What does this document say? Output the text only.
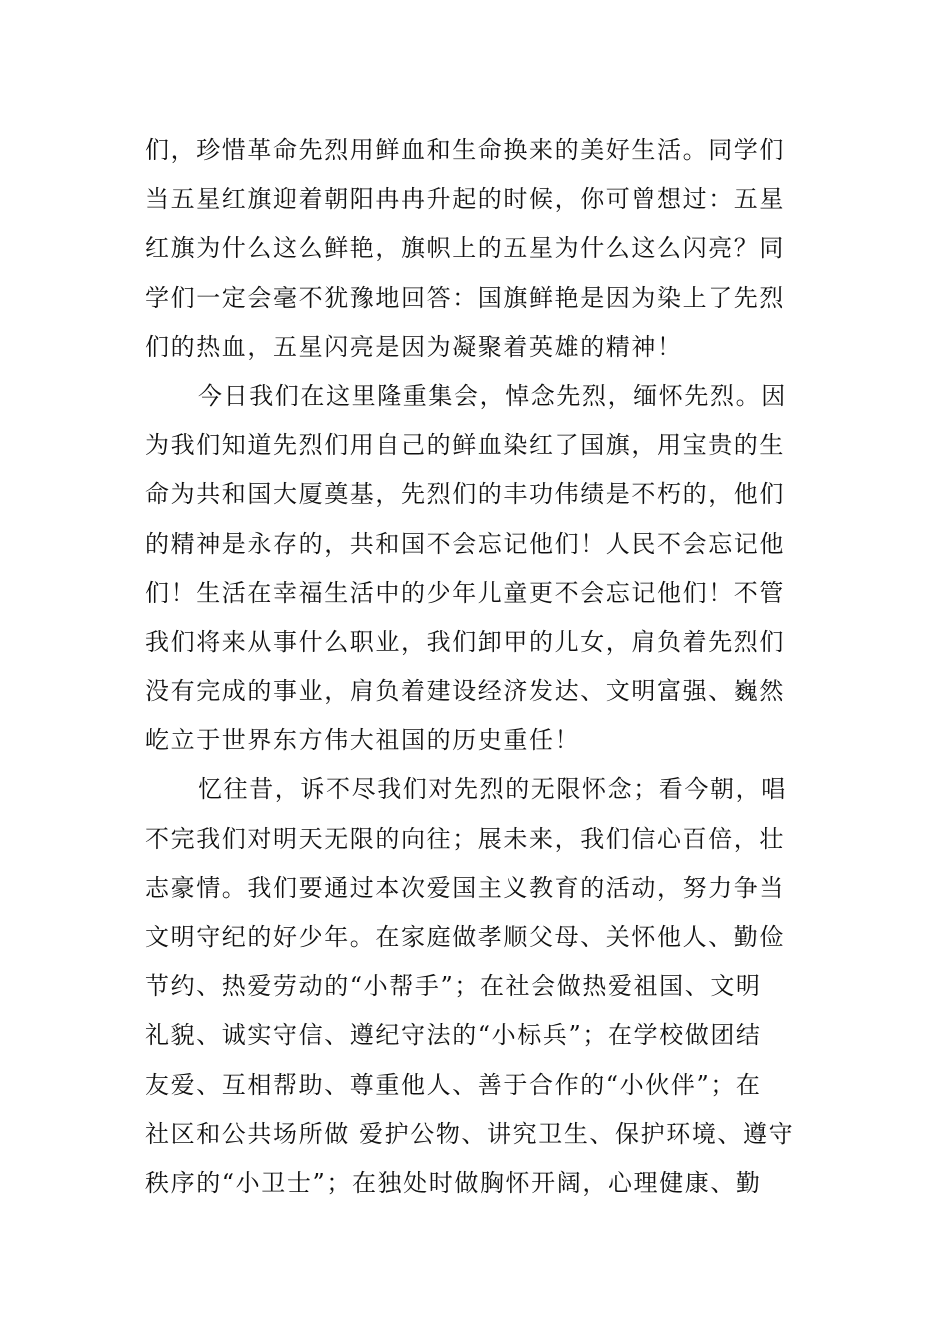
们，珍惜革命先烈用鲜血和生命换来的美好生活。同学们
当五星红旗迎着朝阳冉冉升起的时候，你可曾想过：五星
红旗为什么这么鲜艳，旗帜上的五星为什么这么闪亮？同
学们一定会毫不犹豫地回答：国旗鲜艳是因为染上了先烈
们的热血，五星闪亮是因为凝聚着英雄的精神！
今日我们在这里隆重集会，悼念先烈，缅怀先烈。因
为我们知道先烈们用自己的鲜血染红了国旗，用宝贵的生
命为共和国大厦奠基，先烈们的丰功伟绩是不朽的，他们
的精神是永存的，共和国不会忘记他们！人民不会忘记他
们！生活在幸福生活中的少年儿童更不会忘记他们！不管
我们将来从事什么职业，我们卸甲的儿女，肩负着先烈们
没有完成的事业，肩负着建设经济发达、文明富强、巍然
屹立于世界东方伟大祖国的历史重任！
忆往昔，诉不尽我们对先烈的无限怀念；看今朝，唱
不完我们对明天无限的向往；展未来，我们信心百倍，壮
志豪情。我们要通过本次爱国主义教育的活动，努力争当
文明守纪的好少年。在家庭做孝顺父母、关怀他人、勤俭
节约、热爱劳动的“小帮手”；在社会做热爱祖国、文明
礼貌、诚实守信、遵纪守法的“小标兵”；在学校做团结
友爱、互相帮助、尊重他人、善于合作的“小伙伴”；在
社区和公共场所做 爱护公物、讲究卫生、保护环境、遵守
秩序的“小卫士”；在独处时做胸怀开阔，心理健康、勤
